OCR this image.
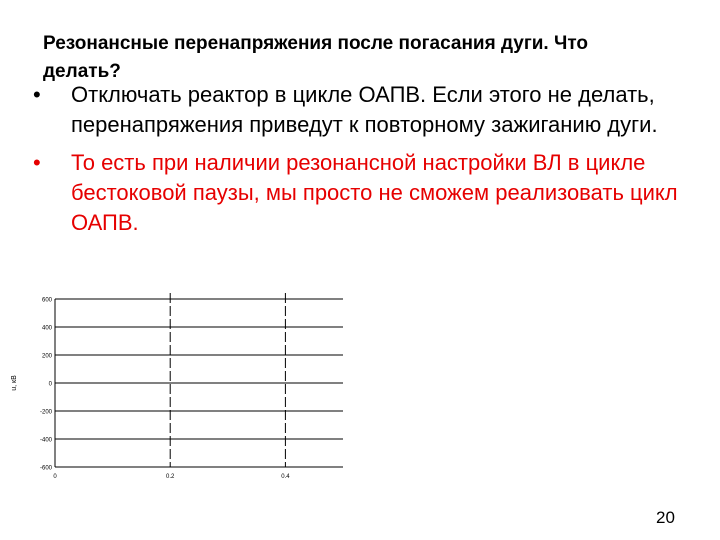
Резонансные перенапряжения после погасания дуги. Что делать?
• Отключать реактор в цикле ОАПВ. Если этого не делать, перенапряжения приведут к повторному зажиганию дуги.
• То есть при наличии резонансной настройки ВЛ в цикле бестоковой паузы, мы просто не сможем реализовать цикл ОАПВ.
600
400
200
0
-200
-400
-600
0	0.2	0.4
u, кВ
20
